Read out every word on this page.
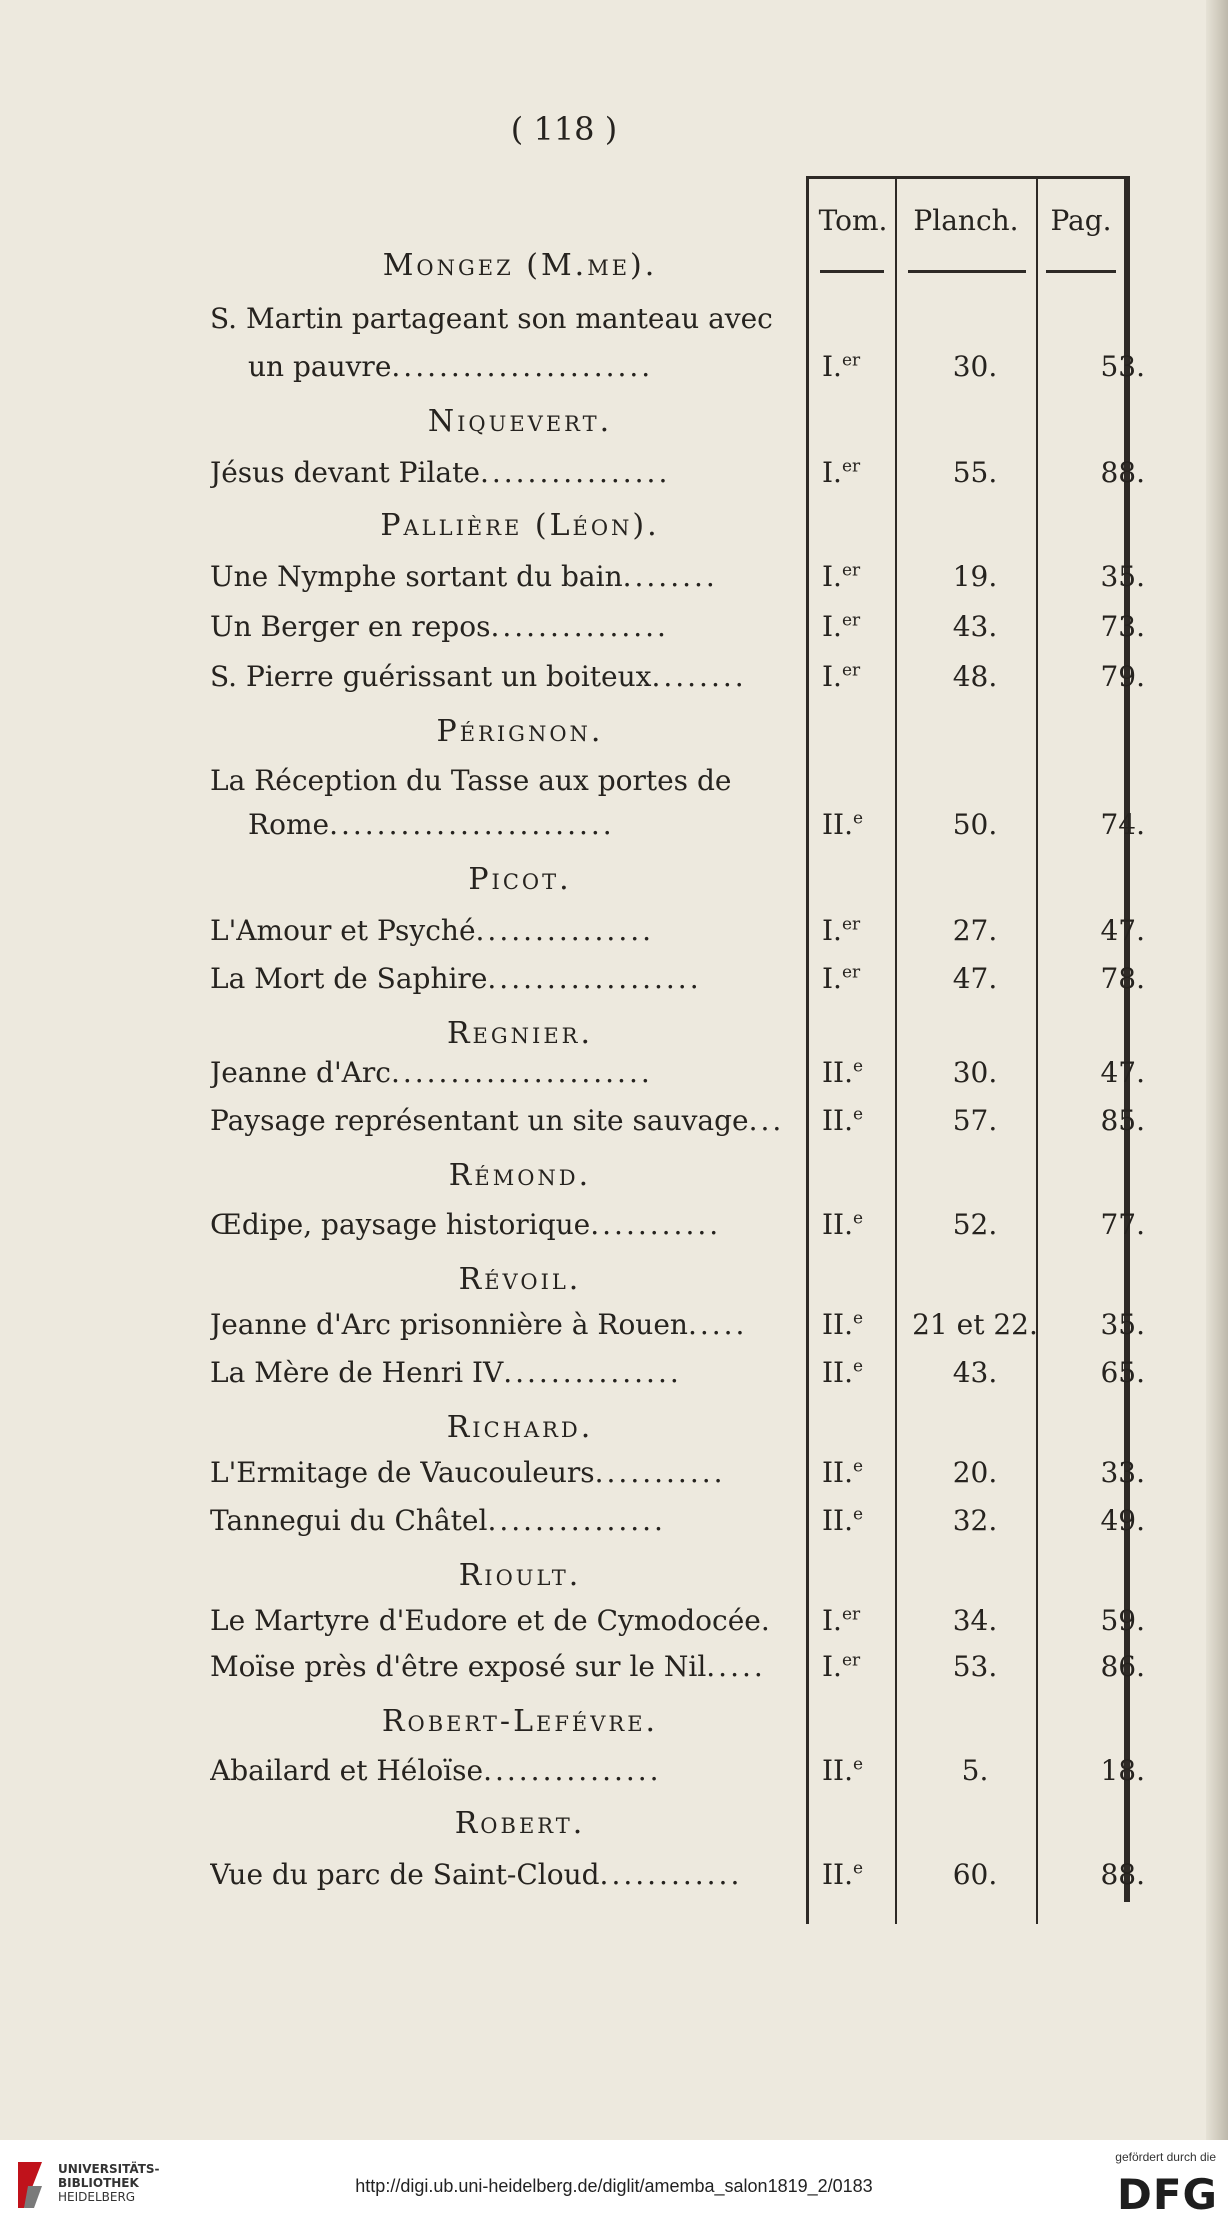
( 118 )
Tom. Planch.	Pag.
Mongez (M.me).
S. Martin partageant son manteau avec
un pauvre......................	I.$^{er}$	30.	53.
Niquevert.
Jésus devant Pilate................	I.$^{er}$	55.	88.
Pallière (Léon).
Une Nymphe sortant du bain........	I.$^{er}$	19.	35.
Un Berger en repos...............	I.$^{er}$	43.	73.
S. Pierre guérissant un boiteux........	I.$^{er}$	48.	79.
Pérignon.
La Réception du Tasse aux portes de
Rome........................	II.$^e$	50.	74.
Picot.
L'Amour et Psyché...............	I.$^{er}$	27.	47.
La Mort de Saphire..................	I.$^{er}$	47.	78.
Regnier.
Jeanne d'Arc......................	II.$^e$	30.	47.
Paysage représentant un site sauvage...	II.$^e$	57.	85.
Rémond.
Œdipe, paysage historique...........	II.$^e$	52.	77.
Révoil.
Jeanne d'Arc prisonnière à Rouen.....	II.$^e$	21 et 22.	35.
La Mère de Henri IV...............	II.$^e$	43.	65.
Richard.
L'Ermitage de Vaucouleurs...........	II.$^e$	20.	33.
Tannegui du Châtel...............	II.$^e$	32.	49.
Rioult.
Le Martyre d'Eudore et de Cymodocée.	I.$^{er}$	34.	59.
Moïse près d'être exposé sur le Nil.....	I.$^{er}$	53.	86.
Robert-Lefévre.
Abailard et Héloïse...............	II.$^e$	5.	18.
Robert.
Vue du parc de Saint-Cloud............	II.$^e$	60.	88.
UNIVERSITÄTS-
BIBLIOTHEK
HEIDELBERG
http://digi.ub.uni-heidelberg.de/diglit/amemba_salon1819_2/0183
gefördert durch die
DFG
